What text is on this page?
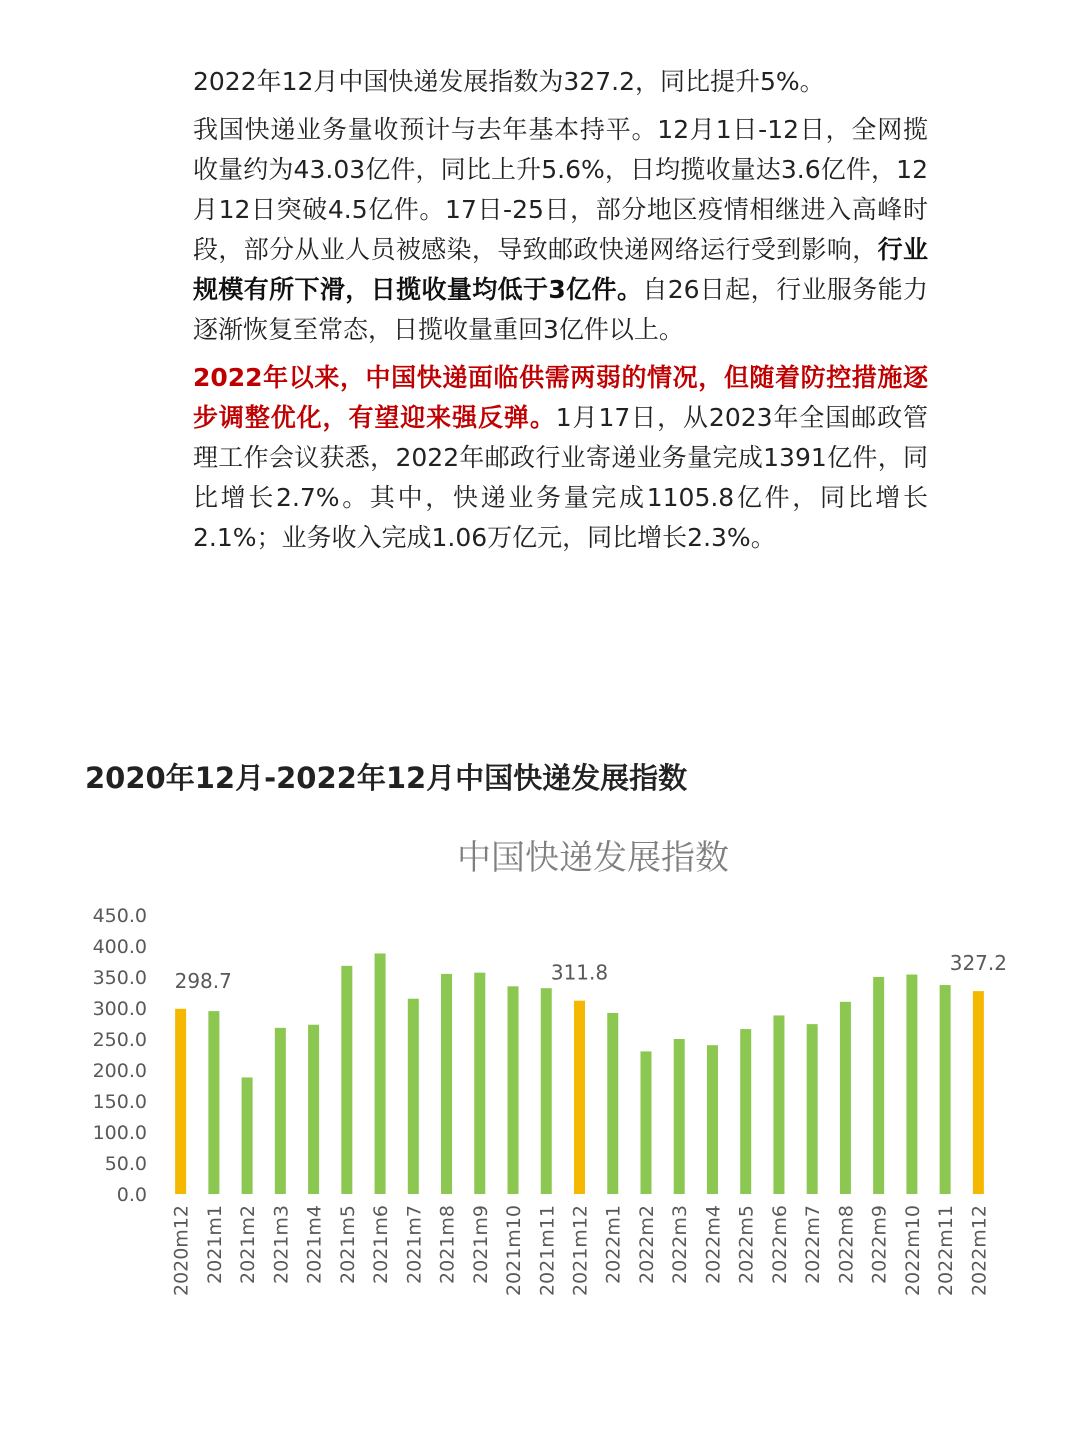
2022年12月中国快递发展指数为327.2，同比提升5%。

我国快递业务量收预计与去年基本持平。12月1日-12日，全网揽收量约为43.03亿件，同比上升5.6%，日均揽收量达3.6亿件，12月12日突破4.5亿件。17日-25日，部分地区疫情相继进入高峰时段，部分从业人员被感染，导致邮政快递网络运行受到影响，行业规模有所下滑，日揽收量均低于3亿件。自26日起，行业服务能力逐渐恢复至常态，日揽收量重回3亿件以上。

2022年以来，中国快递面临供需两弱的情况，但随着防控措施逐步调整优化，有望迎来强反弹。1月17日，从2023年全国邮政管理工作会议获悉，2022年邮政行业寄递业务量完成1391亿件，同比增长2.7%。其中，快递业务量完成1105.8亿件，同比增长2.1%；业务收入完成1.06万亿元，同比增长2.3%。

2020年12月-2022年12月中国快递发展指数
中国快递发展指数
0.0
50.0
100.0
150.0
200.0
250.0
300.0
350.0
400.0
450.0
2020m12 2021m1 2021m2 2021m3 2021m4 2021m5 2021m6 2021m7 2021m8 2021m9 2021m10 2021m11 2021m12 2022m1 2022m2 2022m3 2022m4 2022m5 2022m6 2022m7 2022m8 2022m9 2022m10 2022m11 2022m12
298.7	311.8	327.2
